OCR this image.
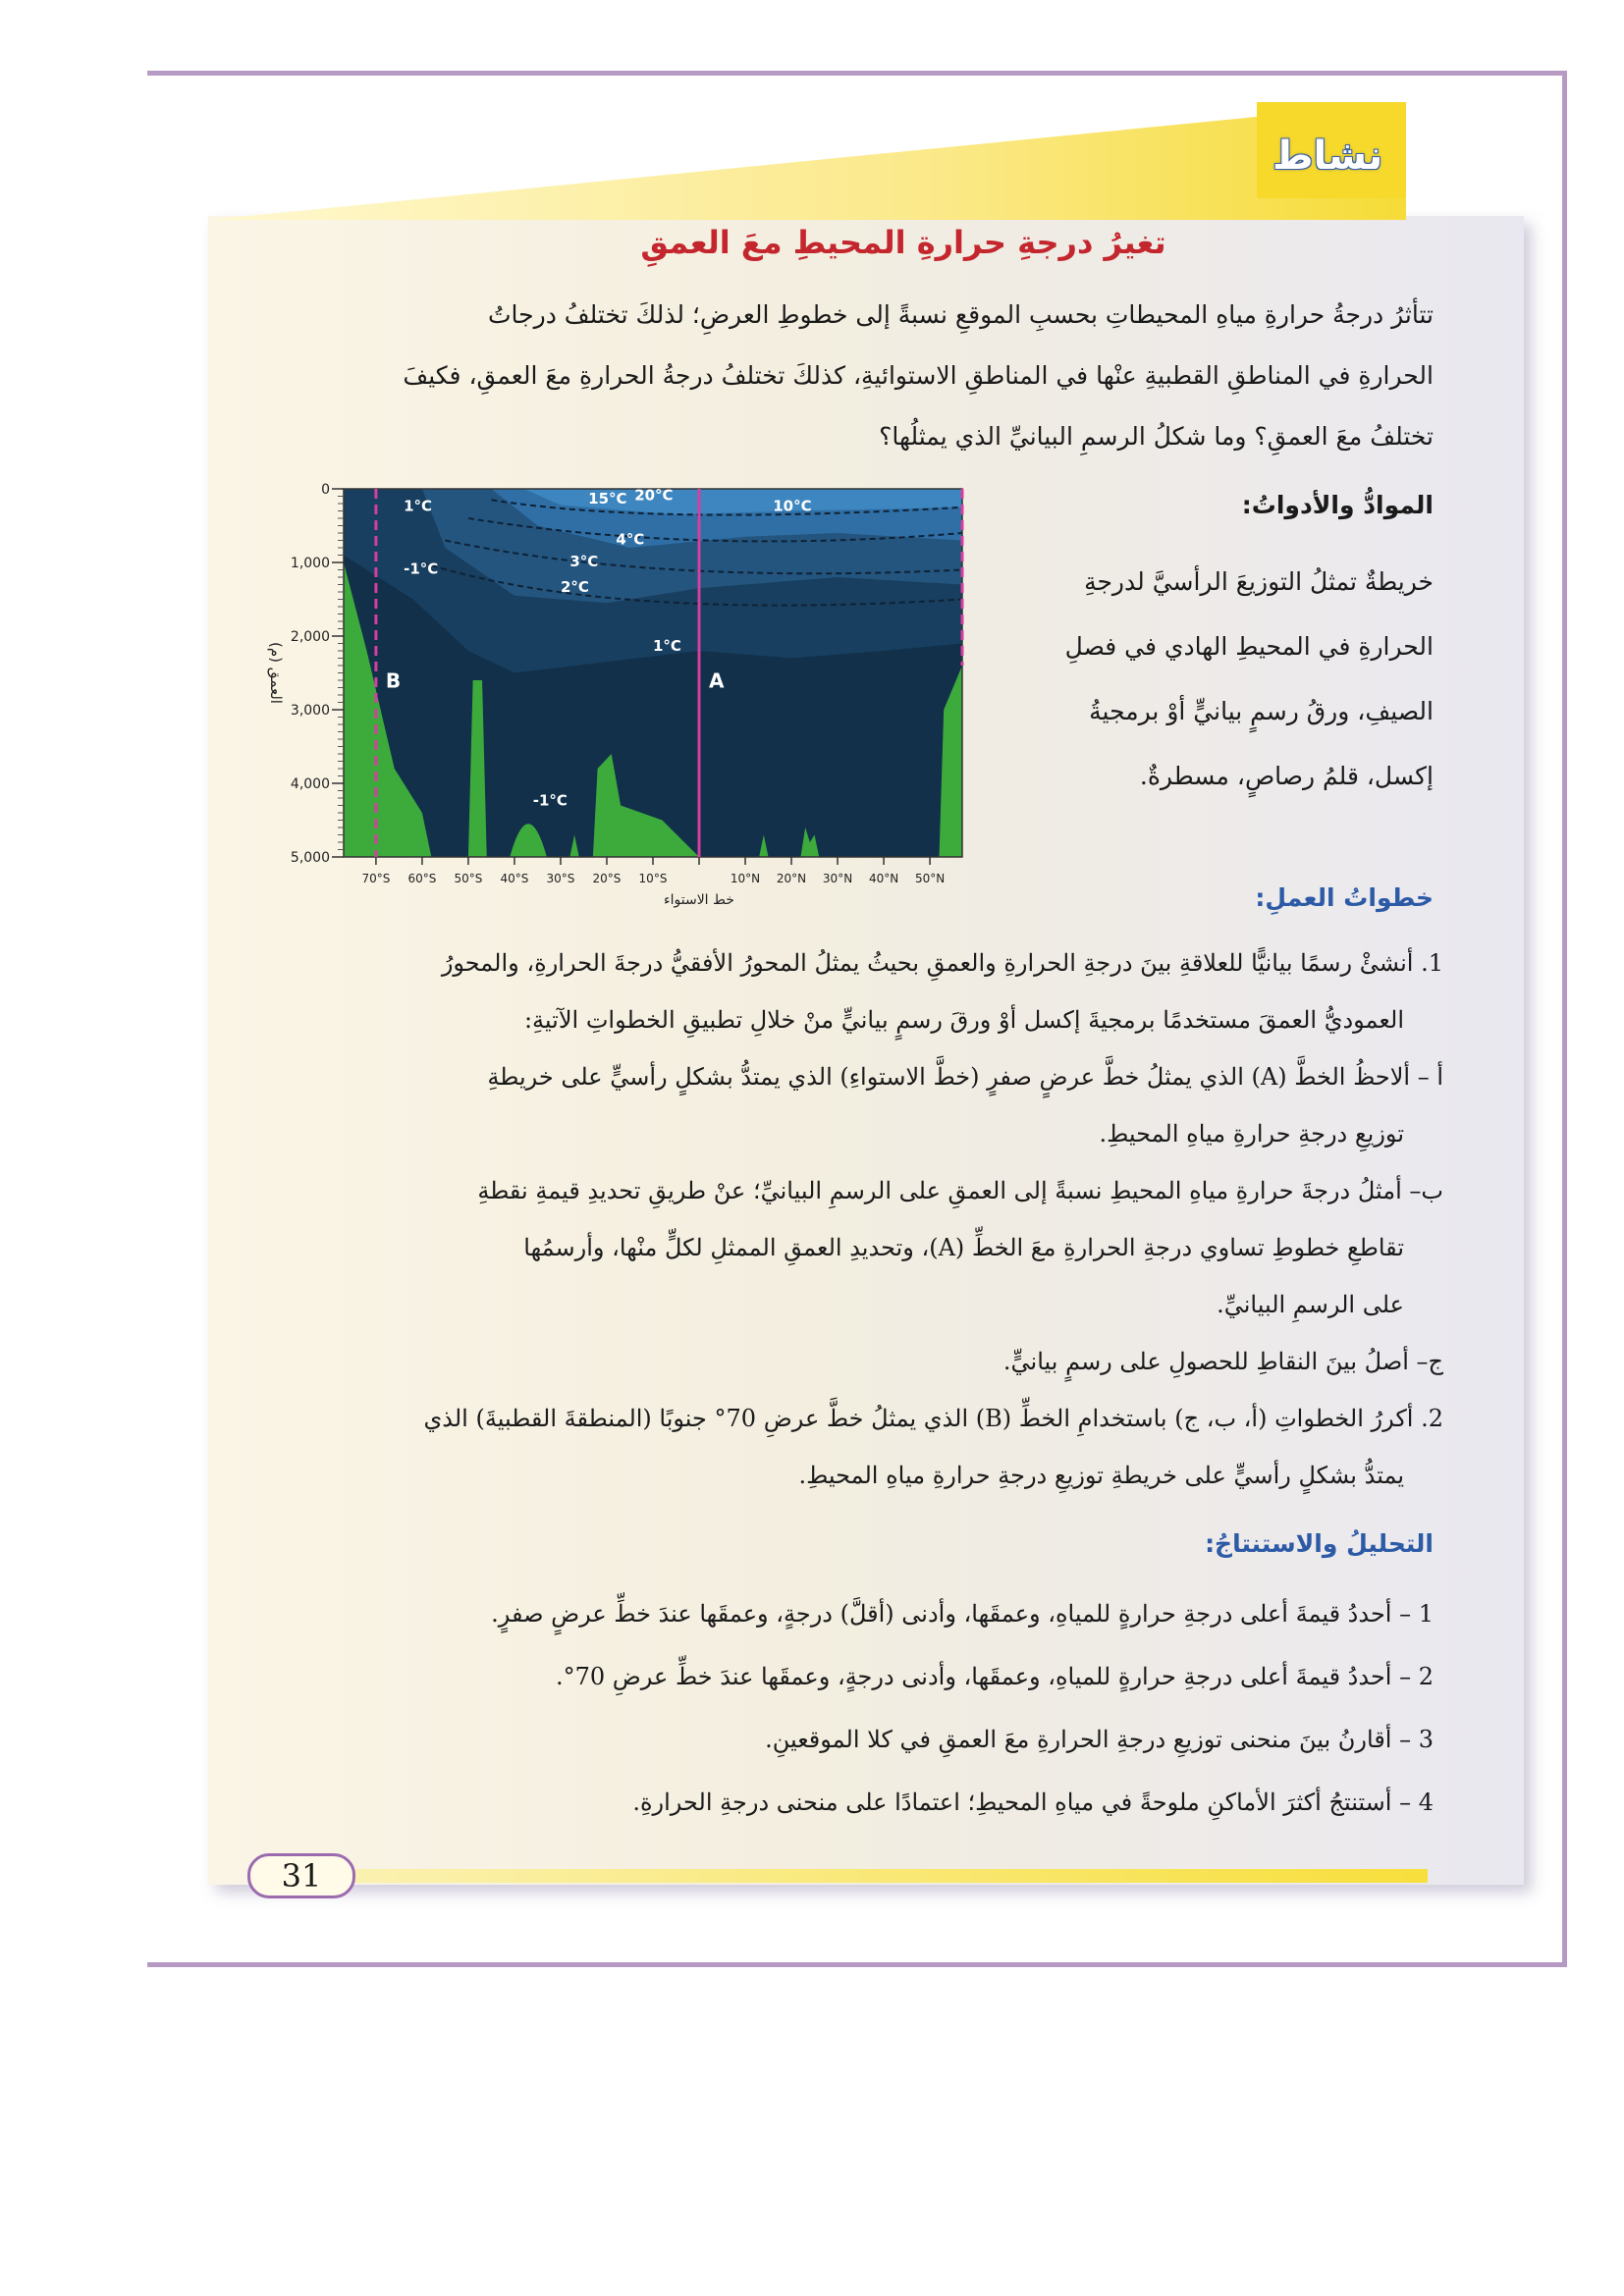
نشاط
تغيرُ درجةِ حرارةِ المحيطِ معَ العمقِ
تتأثرُ درجةُ حرارةِ مياهِ المحيطاتِ بحسبِ الموقعِ نسبةً إلى خطوطِ العرضِ؛ لذلكَ تختلفُ درجاتُ
الحرارةِ في المناطقِ القطبيةِ عنْها في المناطقِ الاستوائيةِ، كذلكَ تختلفُ درجةُ الحرارةِ معَ العمقِ، فكيفَ
تختلفُ معَ العمقِ؟ وما شكلُ الرسمِ البيانيِّ الذي يمثلُها؟
الموادُّ والأدواتُ:
خريطةٌ تمثلُ التوزيعَ الرأسيَّ لدرجةِ
الحرارةِ في المحيطِ الهادي في فصلِ
الصيفِ، ورقُ رسمٍ بيانيٍّ أوْ برمجيةُ
إكسل، قلمُ رصاصٍ، مسطرةٌ.
A
B
1°C
-1°C
15°C 20°C
10°C
4°C
3°C
2°C
1°C
-1°C
0
1,000
2,000
3,000
4,000
5,000
70°S 60°S 50°S 40°S 30°S 20°S 10°S	10°N 20°N 30°N 40°N 50°N
خط الاستواء
العمق (م)
خطواتُ العملِ:

1. أنشئْ رسمًا بيانيًّا للعلاقةِ بينَ درجةِ الحرارةِ والعمقِ بحيثُ يمثلُ المحورُ الأفقيُّ درجةَ الحرارةِ، والمحورُ

العموديُّ العمقَ مستخدمًا برمجيةَ إكسل أوْ ورقَ رسمٍ بيانيٍّ منْ خلالِ تطبيقِ الخطواتِ الآتيةِ:

أ – ألاحظُ الخطَّ (A) الذي يمثلُ خطَّ عرضٍ صفرٍ (خطَّ الاستواءِ) الذي يمتدُّ بشكلٍ رأسيٍّ على خريطةِ

توزيعِ درجةِ حرارةِ مياهِ المحيطِ.

ب– أمثلُ درجةَ حرارةِ مياهِ المحيطِ نسبةً إلى العمقِ على الرسمِ البيانيِّ؛ عنْ طريقِ تحديدِ قيمةِ نقطةِ

تقاطعِ خطوطِ تساوي درجةِ الحرارةِ معَ الخطِّ (A)، وتحديدِ العمقِ الممثلِ لكلٍّ منْها، وأرسمُها

على الرسمِ البيانيِّ.

ج– أصلُ بينَ النقاطِ للحصولِ على رسمٍ بيانيٍّ.

2. أكررُ الخطواتِ (أ، ب، ج) باستخدامِ الخطِّ (B) الذي يمثلُ خطَّ عرضِ 70° جنوبًا (المنطقةَ القطبيةَ) الذي

يمتدُّ بشكلٍ رأسيٍّ على خريطةِ توزيعِ درجةِ حرارةِ مياهِ المحيطِ.

التحليلُ والاستنتاجُ:

1 – أحددُ قيمةَ أعلى درجةِ حرارةٍ للمياهِ، وعمقَها، وأدنى (أقلَّ) درجةٍ، وعمقَها عندَ خطِّ عرضٍ صفرٍ.

2 – أحددُ قيمةَ أعلى درجةِ حرارةٍ للمياهِ، وعمقَها، وأدنى درجةٍ، وعمقَها عندَ خطِّ عرضِ 70°.

3 – أقارنُ بينَ منحنى توزيعِ درجةِ الحرارةِ معَ العمقِ في كلا الموقعينِ.

4 – أستنتجُ أكثرَ الأماكنِ ملوحةً في مياهِ المحيطِ؛ اعتمادًا على منحنى درجةِ الحرارةِ.

31
